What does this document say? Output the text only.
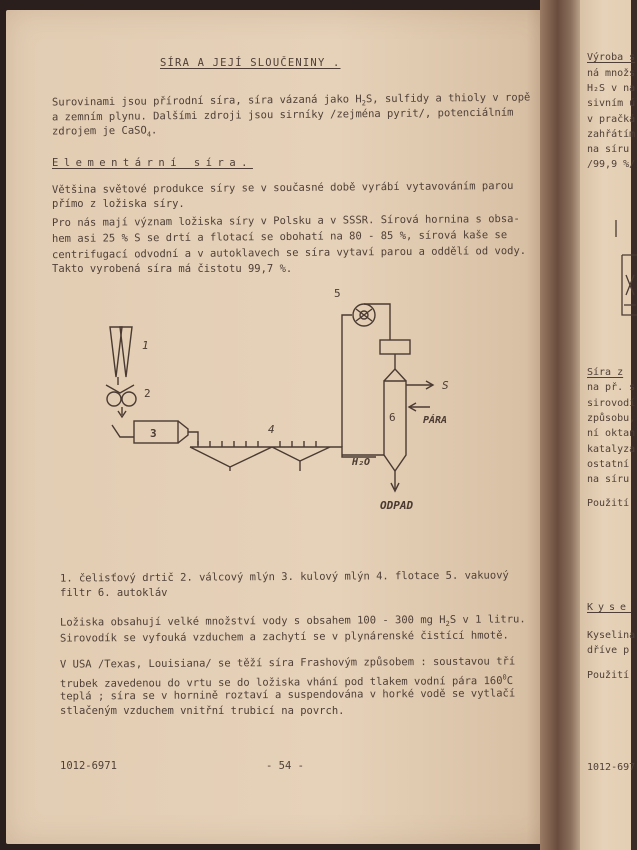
SÍRA A JEJÍ SLOUČENINY .
Surovinami jsou přírodní síra, síra vázaná jako $H_2S$, sulfidy a thioly v ropě
a zemním plynu. Dalšími zdroji jsou sirníky /zejména pyrit/, potenciálním
zdrojem je CaSO$_4$.
Elementární síra.
Většina světové produkce síry se v současné době vyrábí vytavováním parou
přímo z ložiska síry.
Pro nás mají význam ložiska síry v Polsku a v SSSR. Sírová hornina s obsa-
hem asi 25 % S se drtí a flotací se obohatí na 80 - 85 %, sírová kaše se
centrifugací odvodní a v autoklavech se síra vytaví parou a oddělí od vody.
Takto vyrobená síra má čistotu 99,7 %.
1
2
3	4
5
6
S
PÁRA
H₂O
ODPAD
1. čelisťový drtič 2. válcový mlýn 3. kulový mlýn 4. flotace 5. vakuový
filtr 6. autokláv
Ložiska obsahují velké množství vody s obsahem 100 - 300 mg $H_2S$ v 1 litru.
Sirovodík se vyfouká vzduchem a zachytí se v plynárenské čistící hmotě.
V USA /Texas, Louisiana/ se těží síra Frashovým způsobem : soustavou tří
trubek zavedenou do vrtu se do ložiska vhání pod tlakem vodní pára $160^0C$
teplá ; síra se v hornině roztaví a suspendována v horké vodě se vytlačí
stlačeným vzduchem vnitřní trubicí na povrch.
1012-6971	- 54 -
Výroba s
ná množs
H₂S v na
sivním ú
v pračká
zahřátím
na síru
/99,9 %/
Síra z
na př. s
sirovodí
způsobu,
ní oktan
katalyza
ostatní
na síru
Použití
Kyse
Kyselina
dříve p
Použití
1012-697
